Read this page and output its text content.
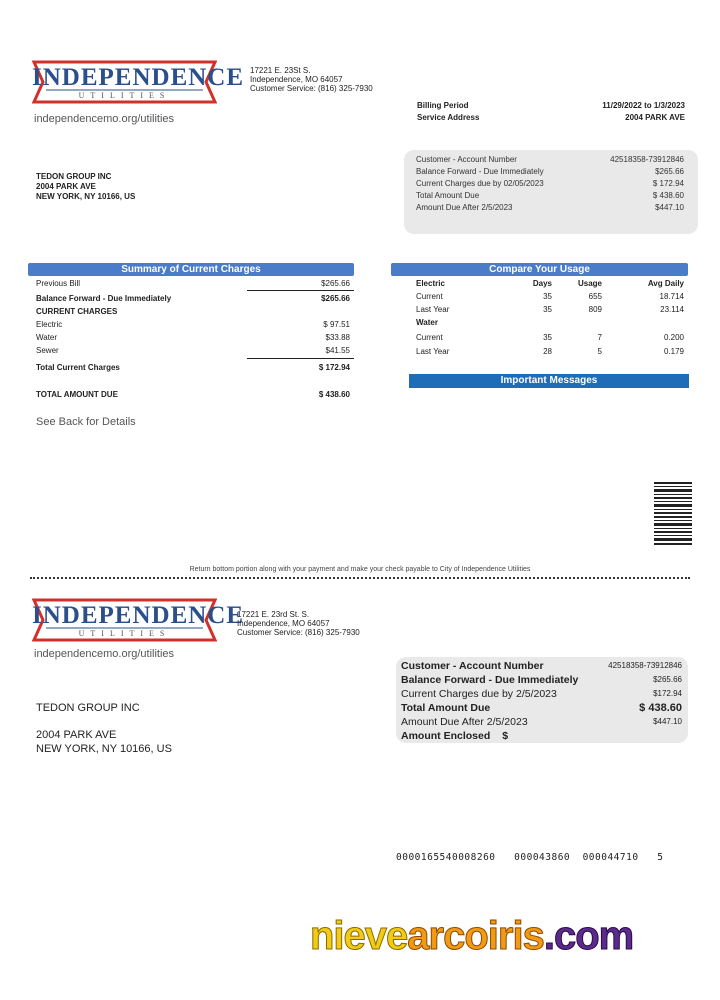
INDEPENDENCE
UTILITIES
independencemo.org/utilities
17221 E. 23St S.
Independence, MO 64057
Customer Service: (816) 325-7930
Billing Period	11/29/2022 to 1/3/2023
Service Address	2004 PARK AVE
TEDON GROUP INC
2004 PARK AVE
NEW YORK, NY 10166, US
Customer - Account Number	42518358-73912846
Balance Forward - Due Immediately	$265.66
Current Charges due by 02/05/2023	$ 172.94
Total Amount Due	$ 438.60
Amount Due After 2/5/2023	$447.10
Summary of Current Charges
Previous Bill	$265.66
Balance Forward - Due Immediately	$265.66
CURRENT CHARGES
Electric	$ 97.51
Water	$33.88
Sewer	$41.55
Total Current Charges	$ 172.94
TOTAL AMOUNT DUE	$ 438.60
See Back for Details
Compare Your Usage
Electric	Days	Usage	Avg Daily
Current	35	655	18.714
Last Year	35	809	23.114
Water
Current	35	7	0.200
Last Year	28	5	0.179
Important Messages
Return bottom portion along with your payment and make your check payable to City of Independence Utilities
INDEPENDENCE
UTILITIES
independencemo.org/utilities
17221 E. 23rd St. S.
Independence, MO 64057
Customer Service: (816) 325-7930
TEDON GROUP INC
2004 PARK AVE
NEW YORK, NY 10166, US
Customer - Account Number	42518358-73912846
Balance Forward - Due Immediately	$265.66
Current Charges due by 2/5/2023	$172.94
Total Amount Due	$ 438.60
Amount Due After 2/5/2023	$447.10
Amount Enclosed $
0000165540008260   000043860  000044710   5
nievearcoiris.com
